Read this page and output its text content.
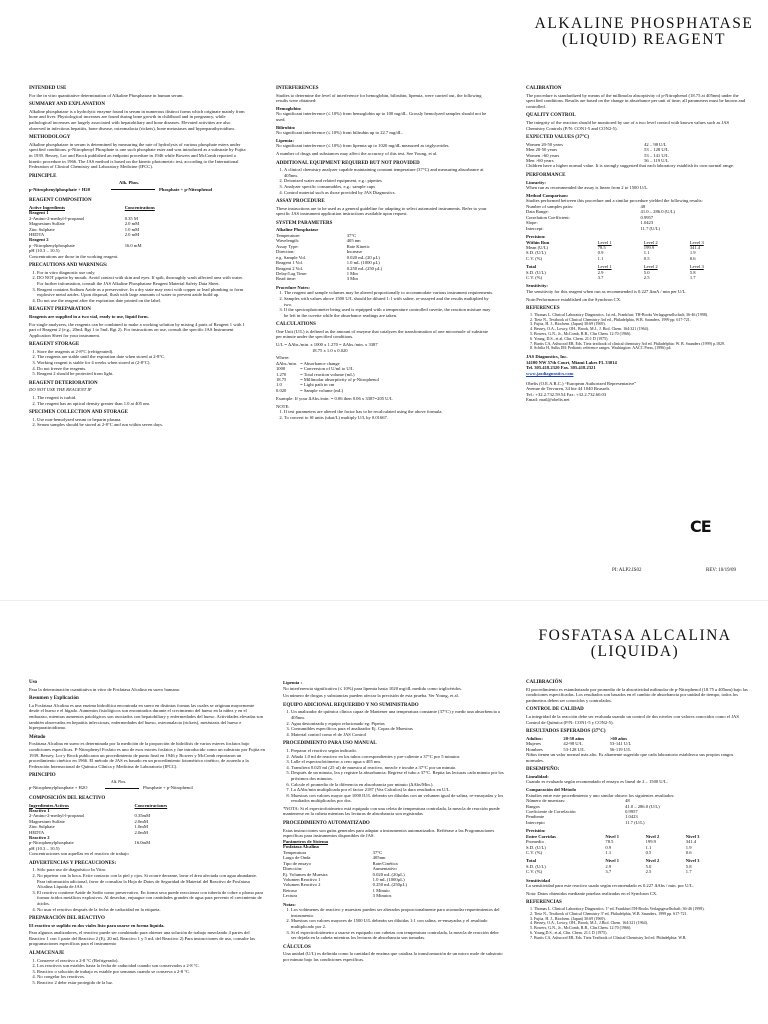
ALKALINE PHOSPHATASE
(LIQUID) REAGENT
INTENDED USE

For the in vitro quantitative determination of Alkaline Phosphatase in human serum.

SUMMARY AND EXPLANATION

Alkaline phosphatase is a hydrolytic enzyme found in serum in numerous distinct forms which originate mainly from bone and liver. Physiological increases are found during bone growth in childhood and in pregnancy, while pathological increases are largely associated with hepatobiliary and bone diseases. Elevated activities are also observed in infectious hepatitis, bone disease, osteomalacia (rickets), bone metastases and hyperparathyroidism.

METHODOLOGY

Alkaline phosphatase in serum is determined by measuring the rate of hydrolysis of various phosphate esters under specified conditions. p-Nitrophenyl Phosphate is one such phosphate ester and was introduced as a substrate by Fujita in 1939. Bessey, Lor and Brock published an endpoint procedure in 1946 while Bowers and McComb reported a kinetic procedure in 1966. The JAS method is based on the kinetic photometric test, according to the International Federation of Clinical Chemistry and Laboratory Medicine (IFCC).

PRINCIPLE
Alk. Phos.
p-Nitrophenylphosphate + H20	Phosphate + p-Nitrophenol
REAGENT COMPOSITION
Active Ingredients	Concentrations
Reagent 1	
2-Amino-2-methyl-l-propanol	0.35 M
Magnesium Sulfate	2.0 mM
Zinc Sulphate	1.0 mM
HEDTA	2.0 mM
Reagent 2	
p -Nitrophenylphosphate	16.0 mM
pH (10.3 – 10.5)	

Concentrations are those in the working reagent.

PRECAUTIONS AND WARNINGS:
1. For in vitro diagnostic use only.
2. DO NOT pipette by mouth. Avoid contact with skin and eyes. If spilt, thoroughly wash affected area with water. For further information, consult the JAS Alkaline Phosphatase Reagent Material Safety Data Sheet.
3. Reagent contains Sodium Azide as a preservative. In a dry state may react with copper or lead plumbing to form explosive metal azides. Upon disposal, flush with large amounts of water to prevent azide build up.
4. Do not use the reagent after the expiration date printed on the label.
REAGENT PREPARATION

Reagents are supplied in a two vial, ready to use, liquid form.

For single analyzers, the reagents can be combined to make a working solution by mixing 4 parts of Reagent 1 with 1 part of Reagent 2 (e.g., 20mL Rgt 1 to 5mL Rgt 2). For instructions on use, consult the specific JAS Instrument Application Sheet for your instrument.

REAGENT STORAGE
1. Store the reagents at 2-8°C (refrigerated).
2. The reagents are stable until the expiration date when stored at 2-8°C.
3. Working reagent is stable for 4 weeks when stored at (2-8°C).
4. Do not freeze the reagents.
5. Reagent 2 should be protected from light.
REAGENT DETERIORATION

DO NOT USE THE REAGENT IF

1. The reagent is turbid.
2. The reagent has an optical density greater than 1.0 at 405 nm.
SPECIMEN COLLECTION AND STORAGE
1. Use non-hemolyzed serum or heparin plasma.
2. Serum samples should be stored at 2-8°C and run within seven days.
INTERFERENCES

Studies to determine the level of interference for hemoglobin, bilirubin, lipemia, were carried out, the following results were obtained:

Hemoglobin:

No significant interference (≤ 10%) from hemoglobin up to 100 mg/dL. Grossly hemolyzed samples should not be used.

Bilirubin:

No significant interference (≤ 10%) from bilirubin up to 22.7 mg/dL.

Lipemia:

No significant interference (≤ 10%) from lipemia up to 1020 mg/dL measured as triglycerides.

A number of drugs and substances may affect the accuracy of this test. See Young, et al.

ADDITIONAL EQUIPMENT REQUIRED BUT NOT PROVIDED
1. A clinical chemistry analyzer capable maintaining constant temperature (37°C) and measuring absorbance at 405nm.
2. Deionized water and related equipment, e.g.: pipettes
3. Analyzer specific consumables, e.g.: sample cups
4. Control material such as those provided by JAS Diagnostics.
ASSAY PROCEDURE

These instructions are to be used as a general guideline for adapting to select automated instruments. Refer to your specific JAS instrument application instructions available upon request.

SYSTEM PARAMETERS

Alkaline Phosphatase

Temperature:	37°C
Wavelength:	405 nm
Assay Type:	Rate Kinetic
Direction:	Increase
e.g. Sample Vol.	0.020 mL (20 µL)
Reagent 1 Vol.	1.0 mL (1000 µL)
Reagent 2 Vol.	0.250 mL (250 µL)
Delay/Lag Time:	1 Min
Read time:	3 Min

Procedure Notes:

1. The reagent and sample volumes may be altered proportionally to accommodate various instrument requirements.
2. Samples with values above 1500 U/L should be diluted 1:1 with saline, re-assayed and the results multiplied by two.
3. If the spectrophotometer being used is equipped with a temperature controlled cuvette, the reaction mixture may be left in the cuvette while the absorbance readings are taken.
CALCULATIONS

One Unit (U/L) is defined as the amount of enzyme that catalyzes the transformation of one micromole of substrate per minute under the specified conditions.

U/L = ΔAbs./min. x 1000 x 1.270 = ΔAbs./min. x 3387

18.75 x 1.0 x 0.020

Where:

ΔAbs./min.	= Absorbance change
1000	= Conversion of U/ml to U/L
1.270	= Total reaction volume (mL)
18.75	= Millimolar absorptivity of p-Nitrophenol
1.0	= Light path in cm
0.020	= Sample volume (mL)

Example: If your ΔAbs./min. = 0.06 then 0.06 x 3387=205 U/L

NOTE:

1. If test parameters are altered the factor has to be recalculated using the above formula.
2. To convert to SI units (ukat/L) multiply U/L by 0.01667.
CALIBRATION

The procedure is standardized by means of the millimolar absorptivity of p-Nitrophenol (18.75 at 405nm) under the specified conditions. Results are based on the change in absorbance per unit of time; all parameters must be known and controlled.

QUALITY CONTROL

The integrity of the reaction should be monitored by use of a two level control with known values such as JAS Chemistry Controls (P/N: CON1-5 and CON2-5).

EXPECTED VALUES (37°C)
Women 20-50 years	42 – 98 U/L
Men 20-50 years	53 – 128 U/L
Women >60 years	53 – 141 U/L
Men >60 years	56 – 119 U/L

Children have a higher normal value. It is strongly suggested that each laboratory establish its own normal range.

PERFORMANCE

Linearity:

When run as recommended the assay is linear from 2 to 1500 U/L.

Method Comparison:

Studies performed between this procedure and a similar procedure yielded the following results:

Number of samples pairs:	48
Data Range:	41.0 – 286.0 (U/L)
Correlation Coefficient:	0.9957
Slope:	1.0423
Intercept:	11.7 (U/L)

Precision:

Within Run	Level 1	Level 2	Level 3
Mean (U/L)	78.5	199.9	341.4
S.D. (U/L)	0.9	1.1	1.9
C.V. (%)	1.1	0.5	0.6
Total	Level 1	Level 2	Level 3
S.D. (U/L)	2.9	5.0	5.8
C.V. (%)	3.7	2.5	1.7

Sensitivity:

The sensitivity for this reagent when run as recommended is 0.227 ΔmA / min per U/L.

Note:Performance established on the Synchron CX.

REFERENCES
1. Thomas L. Clinical Laboratory Diagnostics. 1st ed., Frankfurt: TH-Books Verlagsgesellschaft; 36-46 (1998).
2. Tietz N., Textbook of Clinical Chemistry 3rd ed., Philadelphia, W.B. Saunders, 1999 pp. 617-721.
3. Fujita, H. J., Biochem. (Japan) 30:69 (1969).
4. Bessey, O.A., Lowry, OH., Brook, M.J., J. Biol. Chem. 164:321 (1964).
5. Bowers, G.N., Jr., McComb, R.B., Clin Chem. 12:70 (1966).
6. Young, D.S., et al, Clin. Chem. 21:1 D (1975).
7. Burtis CA, Ashwood ER, Eds. Tietz textbook of clinical chemistry 3rd ed. Philadelphia: W. B. Saunders (1999) p.1829.
8. Schiltz H, Sulks IM: Pediatric reference ranges. Washington: AACC Press, (1996) p4.
JAS Diagnostics, Inc.
14100 NW 57th Court, Miami Lakes FL 33014
Tel. 305.418.2320 Fax. 305.418.2321
www.jasdiagnostics.com
Obelis (O.E.A.R.C.) “European Authorized Representative”
Avenue de Tervuren, 34 bte 44 1040 Brussels
Tel.: +32.2.732.59.54 Fax: +32.2.732.60.03
Email: mail@obelis.net
CE
PI: ALP2.IS02	REV: 10/19/09
FOSFATASA ALCALINA
(LIQUIDA)
Uso

Para la determinación cuantitativa in vitro de Fosfatasa Alcalina en suero humano.

Resumen y Explicación

La Fosfatasa Alcalina es una enzima hidrolítica encontrada en suero en distintas formas las cuales se originan mayormente desde el hueso e el hígado. Aumentos fisiológicos son encontrados durante el crecimiento del hueso en la niñez y en el embarazo, mientras aumentos patológicos son asociados con hepatobiliary y enfermedades del hueso. Actividades elevadas son también observadas en hepatitis infecciosas, enfermedades del hueso, osteomalacia (rickets), metástasis del hueso e hiperparatiroidismo.

Método

Fosfatasa Alcalina en suero es determinada por la medición de la proporción de hidrólisis de varios esteres fosfatos bajo condiciones específicas. P-Nitrophenyl Fosfato es uno de esos esteres fosfatos y fue introducido como un substrato por Fujita en 1939. Bessey, Lor y Brock publicaron un procedimiento de punto final en 1946 y Bowers y McComb reportaron un procedimiento cinético en 1966. El método de JAS es basado en un procedimiento fotométrico cinético, de acuerdo a la Federación Internacional de Química Clínica y Medicina de Laboratorio (IFCC).

PRINCIPIO
Alk. Phos.
p-Nitrophenylphosphate + H2O	Phosphate + p-Nitrophenol
COMPOSICIÓN DEL REACTIVO
Ingredientes Activos	Concentraciones
Reactivo 1	
2-Amino-2-methyl-l-propanol	0.35mM
Magnesium Sulfate	2.0mM
Zinc Sulphate	1.0mM
HEDTA	2.0mM
Reactivo 2	
p-Nitrophenylphosphate	16.0mM
pH (10.3 – 10.5)	

Concentraciones son aquellas en el reactivo de trabajo

ADVERTENCIAS Y PRECAUCIONES:
1. Sólo para uso de diagnóstico In Vitro.
2. No pipetear con la boca. Evite contacto con la piel y ojos. Si ocurre derrame, lavar el área afectada con agua abundante. Para información adicional, favor de consultar la Hoja de Datos de Seguridad de Material del Reactivo de Fosfatasa Alcalina Líquida de JAS.
3. El reactivo contiene Azide de Sodio como preservativo. En forma seca puede reaccionar con tubería de cobre o plomo para formar ácidos metálicos explosivos. Al desechar, enjuague con cantidades grandes de agua para prevenir el crecimiento de ácidos.
4. No usar el reactivo después de la fecha de caducidad en la etiqueta.
PREPARACIÓN DEL REACTIVO

El reactivo se suplido en dos viales listo para usarse en forma líquida.

Para algunos analizadores, el reactivo puede ser combinado para obtener una solución de trabajo mezclando 4 partes del Reactivo 1 con 1 parte del Reactivo 2 (Ej. 20 mL Reactivo 1 y 5 mL del Reactivo 2) Para instrucciones de uso, consulte las programaciones específicas para el instrumento

ALMACENAJE
1. Conserve el reactivo a 2-8 °C (Refrigerado).
2. Los reactivos son estables hasta la fecha de caducidad cuando son conservados a 2-8 °C.
3. Reactivo o solución de trabajo es estable por semanas cuando se conserva a 2-8 °C.
4. No congelar los reactivos.
5. Reactivo 2 debe estar protegido de la luz.

Lipemia :

No interferencia significativa (≤ 10%) para lipemia hasta 1020 mg/dL medido como triglicéridos.

Un número de drogas y substancias pueden afectar la precisión de esta prueba. Ver Young, et al.

EQUIPO ADICIONAL REQUERIDO Y NO SUMINISTRADO
1. Un analizador de química clínica capaz de Mantener una temperatura constante (37°C) y medir una absorbencia a 405nm.
2. Agua desionizada y equipo relacionado eg: Pipetas
3. Consumibles específicos para el analizador Ej. Copas de Muestras
4. Material control como el de JAS Control
PROCEDIMIENTO PARA USO MANUAL
1. Preparar el reactivo según indicado.
2. Añada 1.0 ml de reactivo en los tubos correspondientes y pre-caliente a 37°C por 5 minutos
3. Lalle el espectrofotómetro a cero agua a 405 nm.
4. Transfiera 0.025 ml (25 ul) de muestra al reactivo, mezcle e incube a 37°C por un minuto.
5. Después de un minuto, lea y registre la absorbancia. Regrese el tubo a 37°C. Repita las lecturas cada minuto por los próximos dos minutos.
6. Calcule el promedio de la diferencia en absorbancia por minuto (ΔAbs/Min.).
7. La ΔAbs/min multiplicada por el factor 2187 (Vea Calculos) la dara resultados en U/L.
8. Muestras con valores mayor que 1000 IU/L deberán ser diluidas con un volumen igual de salina, re-ensayadas y los resultados multiplicados por dos.

*NOTA: Si el espectrofotómetro está equipado con una celeta de temperatura controlada, la mezcla de reacción puede mantenerse en la cubeta mientras las lecturas de absorbancia son registradas

PROCEDIMIENTO AUTOMATIZADO

Estas instrucciones son guías generales para adaptar a instrumentos automatizados. Refiérase a las Programaciones específicas para instrumentos disponibles de JAS.

Parámetros de Sistema

Fosfatasa Alcalina

Temperatura	37°C
Largo de Onda	405nm
Tipo de ensayo	Rate/Cinética
Dirección:	Aumentativo
Ej. Volumen de Muestra	0.020 mL (20µL)
Volumen Reactivo 1	1.0 mL (1000µL)
Volumen Reactivo 2	0.250 mL (250µL)
Retraso	1 Minuto
Lectura	3 Minutos

Notas:

1. Los volúmenes de reactivo y muestras pueden ser alterados proporcionalmente para acomodar requerimientos del instrumento.
2. Muestras con valores mayores de 1500 U/L deberán ser diluidas 1:1 con salina, re-ensayadas y el resultado multiplicado por 2.
3. Si el espectrofotómetro a usarse es equipado con cubetas con temperatura controlada, la mezcla de reacción debe ser dejada en la cubeta mientras los lecturas de absorbancia son tomadas.
CÁLCULOS

Una unidad (U/L) es definida como la cantidad de enzima que cataliza la transformación de un micro mole de substrato por minuto bajo las condiciones específicas.

CALIBRACIÓN

El procedimiento es estandarizado por promedio de la absortividad milimolar de p-Nitrophenol (18.75 a 405nm) bajo las condiciones especificadas. Los resultados son basados en el cambio de absorbancia por unidad de tiempo, todos los parámetros deben ser conocidos y controlados.

CONTROL DE CALIDAD

La integridad de la reacción debe ser evaluada usando un control de dos niveles con valores conocidos como el JAS Control de Química (P/N: CON1-5 y CON2-5).

RESULTADOS ESPERADOS (37°C)
Adultos:	20-50 años	>60 años
Mujeres	42-98 U/L	53-141 U/L
Hombres	53-128 U/L	56-119 U/L

Niños tienen un valor normal más alto. Es altamente sugerido que cada laboratorio establezca sus propios rangos normales.

DESEMPEÑO:

Linealidad:

Cuando es evaluado según recomendado el ensayo es lineal de 2 – 1500 U/L.

Comparación del Método

Estudios entre este procedimiento y uno similar obtuvo los siguientes resultados:

Número de muestras:	48
Rangos	41.0 – 286.0 (U/L)
Coeficiente de Correlación	0.9957
Pendiente	1.0423
Intercepto	11.7 (U/L)

Precisión:

Entre Corridas	Nivel 1	Nivel 2	Nivel 3
Promedio	78.5	199.9	341.4
S.D. (U/L)	0.9	1.1	1.9
C.V. (%)	1.1	0.5	0.6
Total	Nivel 1	Nivel 2	Nivel 3
S.D. (U/L)	2.9	5.0	5.8
C.V. (%)	3.7	2.5	1.7

Sensitividad

La sensitividad para este reactivo usado según recomendado es 0.227 ΔAbs / min. por U/L.

Nota: Datos obtenidos mediante pruebas realizadas en el Synchron CX.

REFERENCIAS
1. Thomas L. Clinical Laboratory Diagnostics. 1ª ed. Frankfurt:TH-Books Verlagsgesellschaft; 36-46 (1998).
2. Tietz N., Textbook of Clinical Chemistry 3ª ed, Philadelphia, W.B. Saunders, 1999 pp. 617-721.
3. Fujita, H. J., Biochem. (Japan) 30:69 (1969).
4. Bessey, O.A., Lowry, OH., Brook, M.J., J.Biol. Chem. 164:321 (1964).
5. Bowers, G.N., Jr., McComb, R.B., Clin.Chem. 12:70 (1966).
6. Young,D.S., et al, Clin. Chem. 21:1 D (1975).
7. Burtis CA, Ashwood ER, Eds. Tietz Textbook of Clinical Chemistry 3rd ed. Philadelphia: W.B.
